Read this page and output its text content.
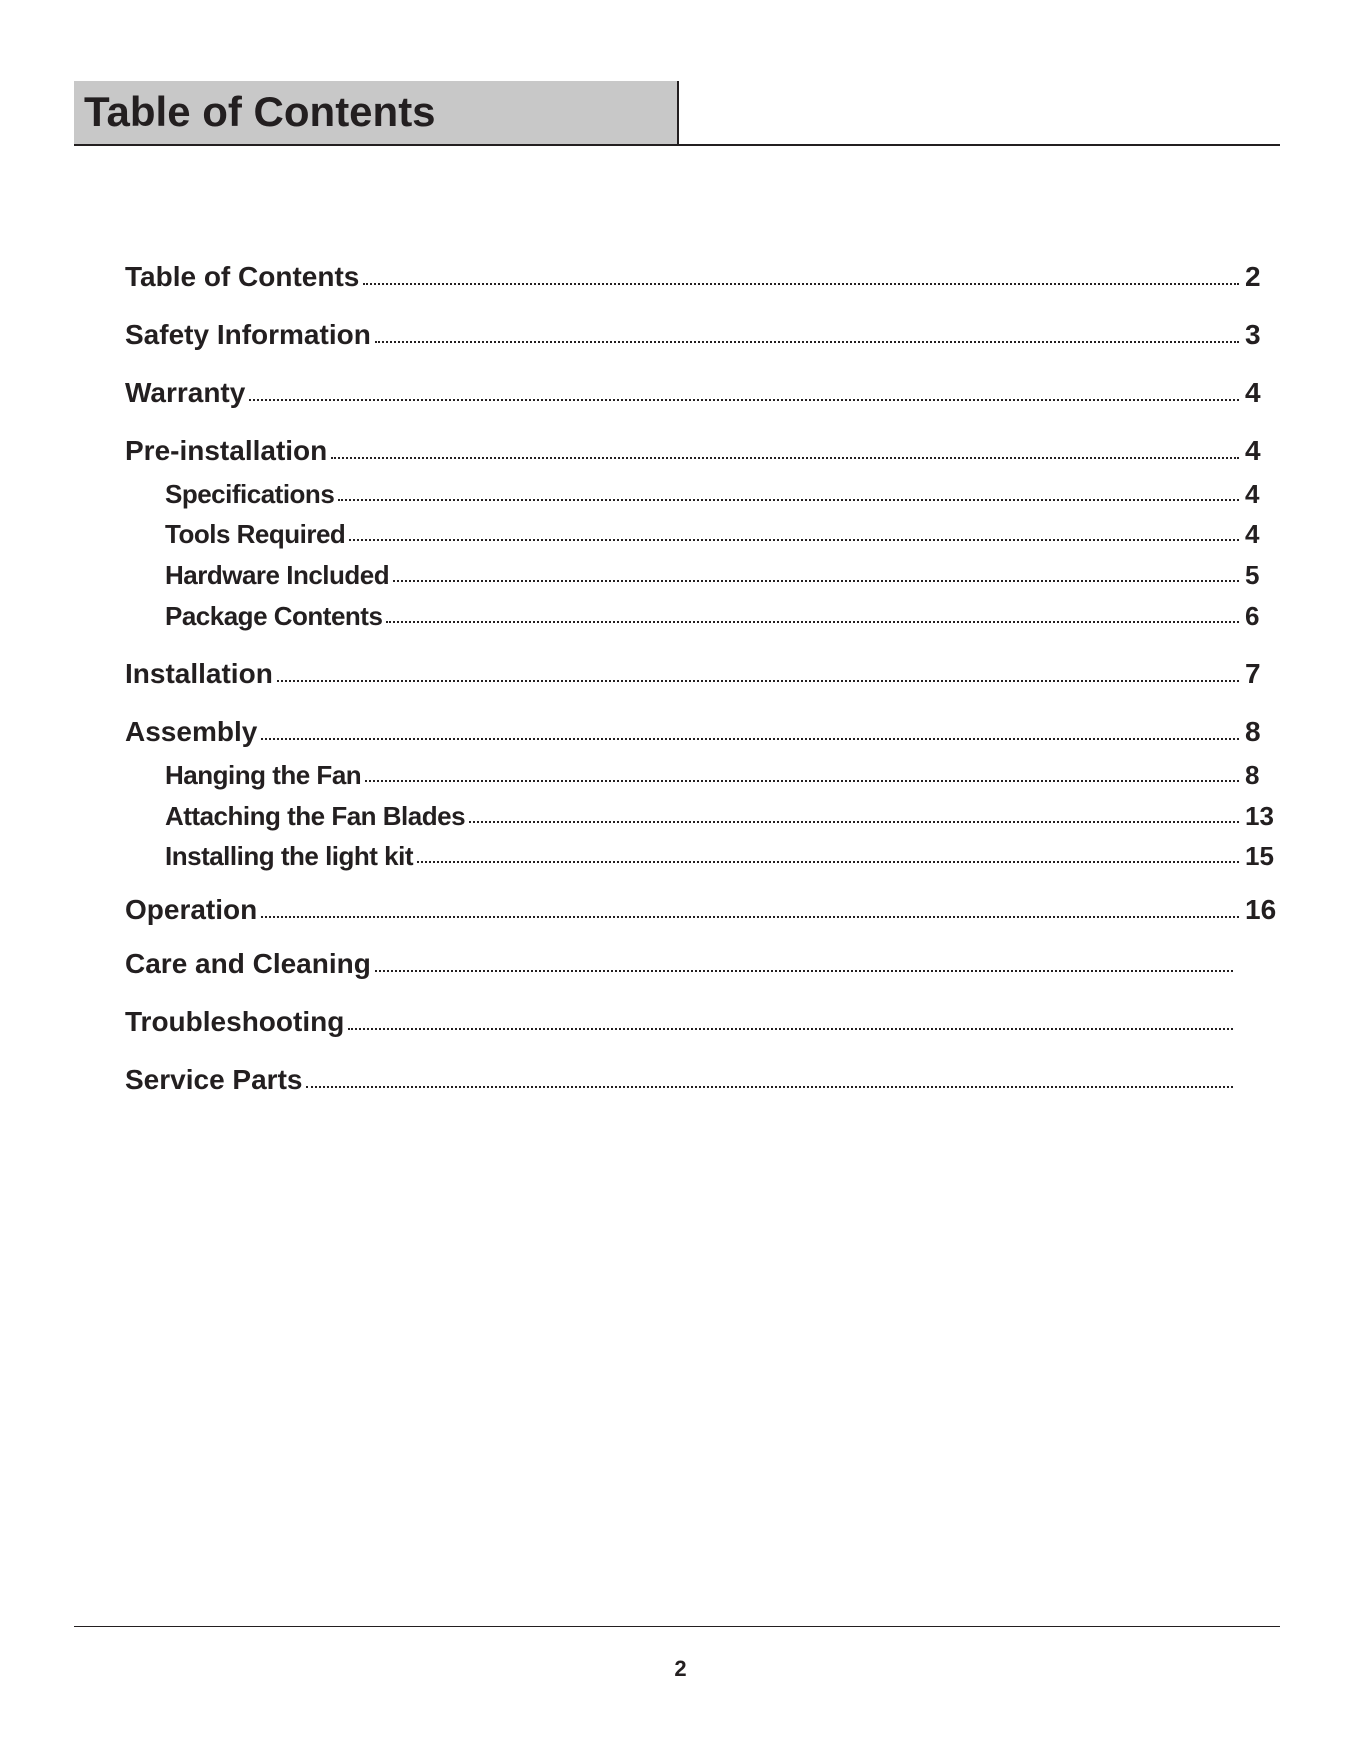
Table of Contents
Table of Contents	2
Safety Information	3
Warranty	4
Pre-installation	4
Specifications	4
Tools Required	4
Hardware Included	5
Package Contents	6
Installation	7
Assembly	8
Hanging the Fan	8
Attaching the Fan Blades	13
Installing the light kit	15
Operation	16
Care and Cleaning
Troubleshooting
Service Parts
2
